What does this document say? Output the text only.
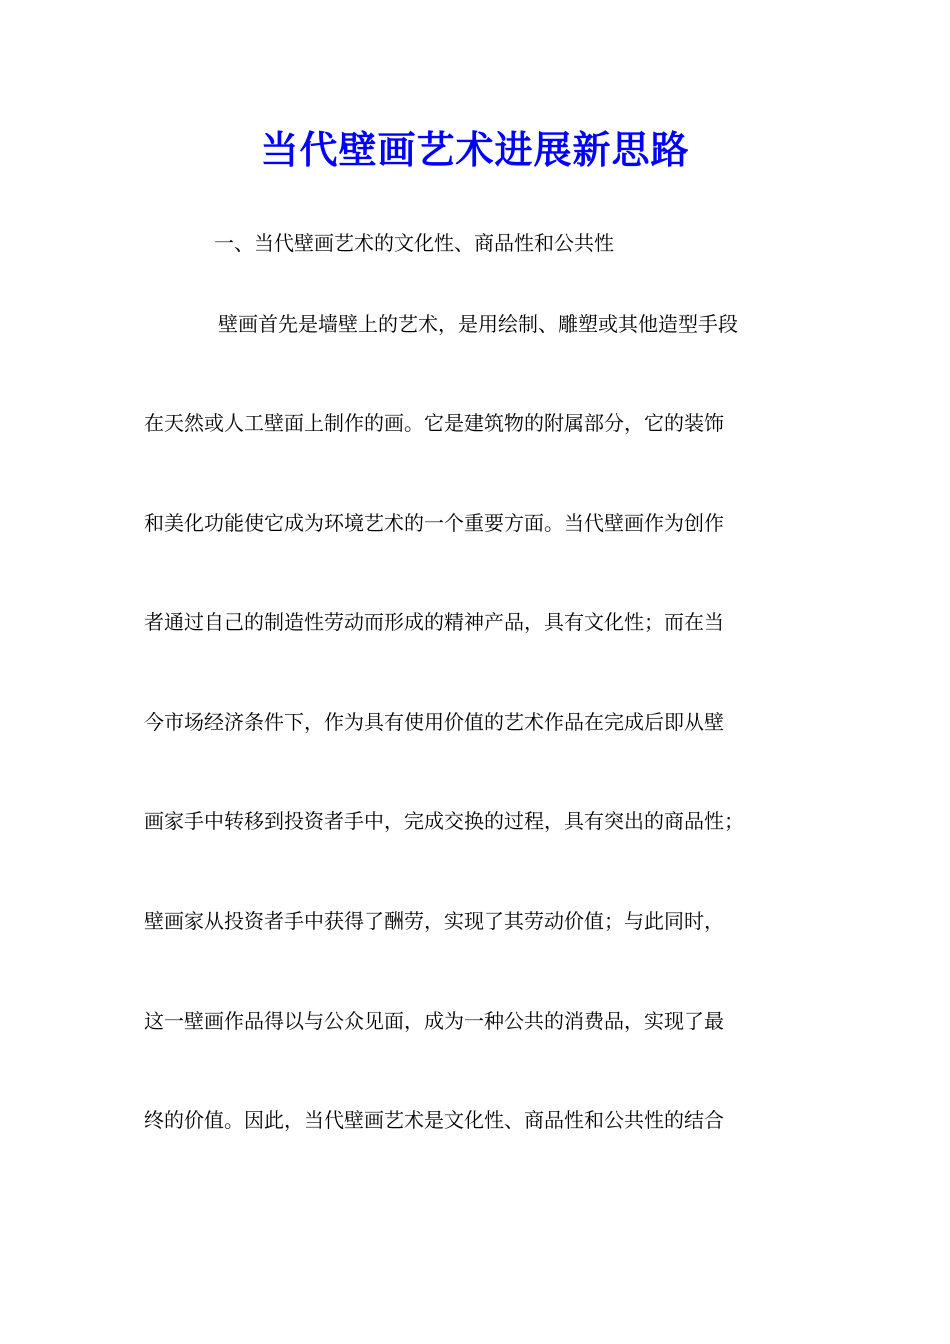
当代壁画艺术进展新思路
一、当代壁画艺术的文化性、商品性和公共性
壁画首先是墙壁上的艺术，是用绘制、雕塑或其他造型手段
在天然或人工壁面上制作的画。它是建筑物的附属部分，它的装饰
和美化功能使它成为环境艺术的一个重要方面。当代壁画作为创作
者通过自己的制造性劳动而形成的精神产品，具有文化性；而在当
今市场经济条件下，作为具有使用价值的艺术作品在完成后即从壁
画家手中转移到投资者手中，完成交换的过程，具有突出的商品性；
壁画家从投资者手中获得了酬劳，实现了其劳动价值；与此同时，
这一壁画作品得以与公众见面，成为一种公共的消费品，实现了最
终的价值。因此，当代壁画艺术是文化性、商品性和公共性的结合
